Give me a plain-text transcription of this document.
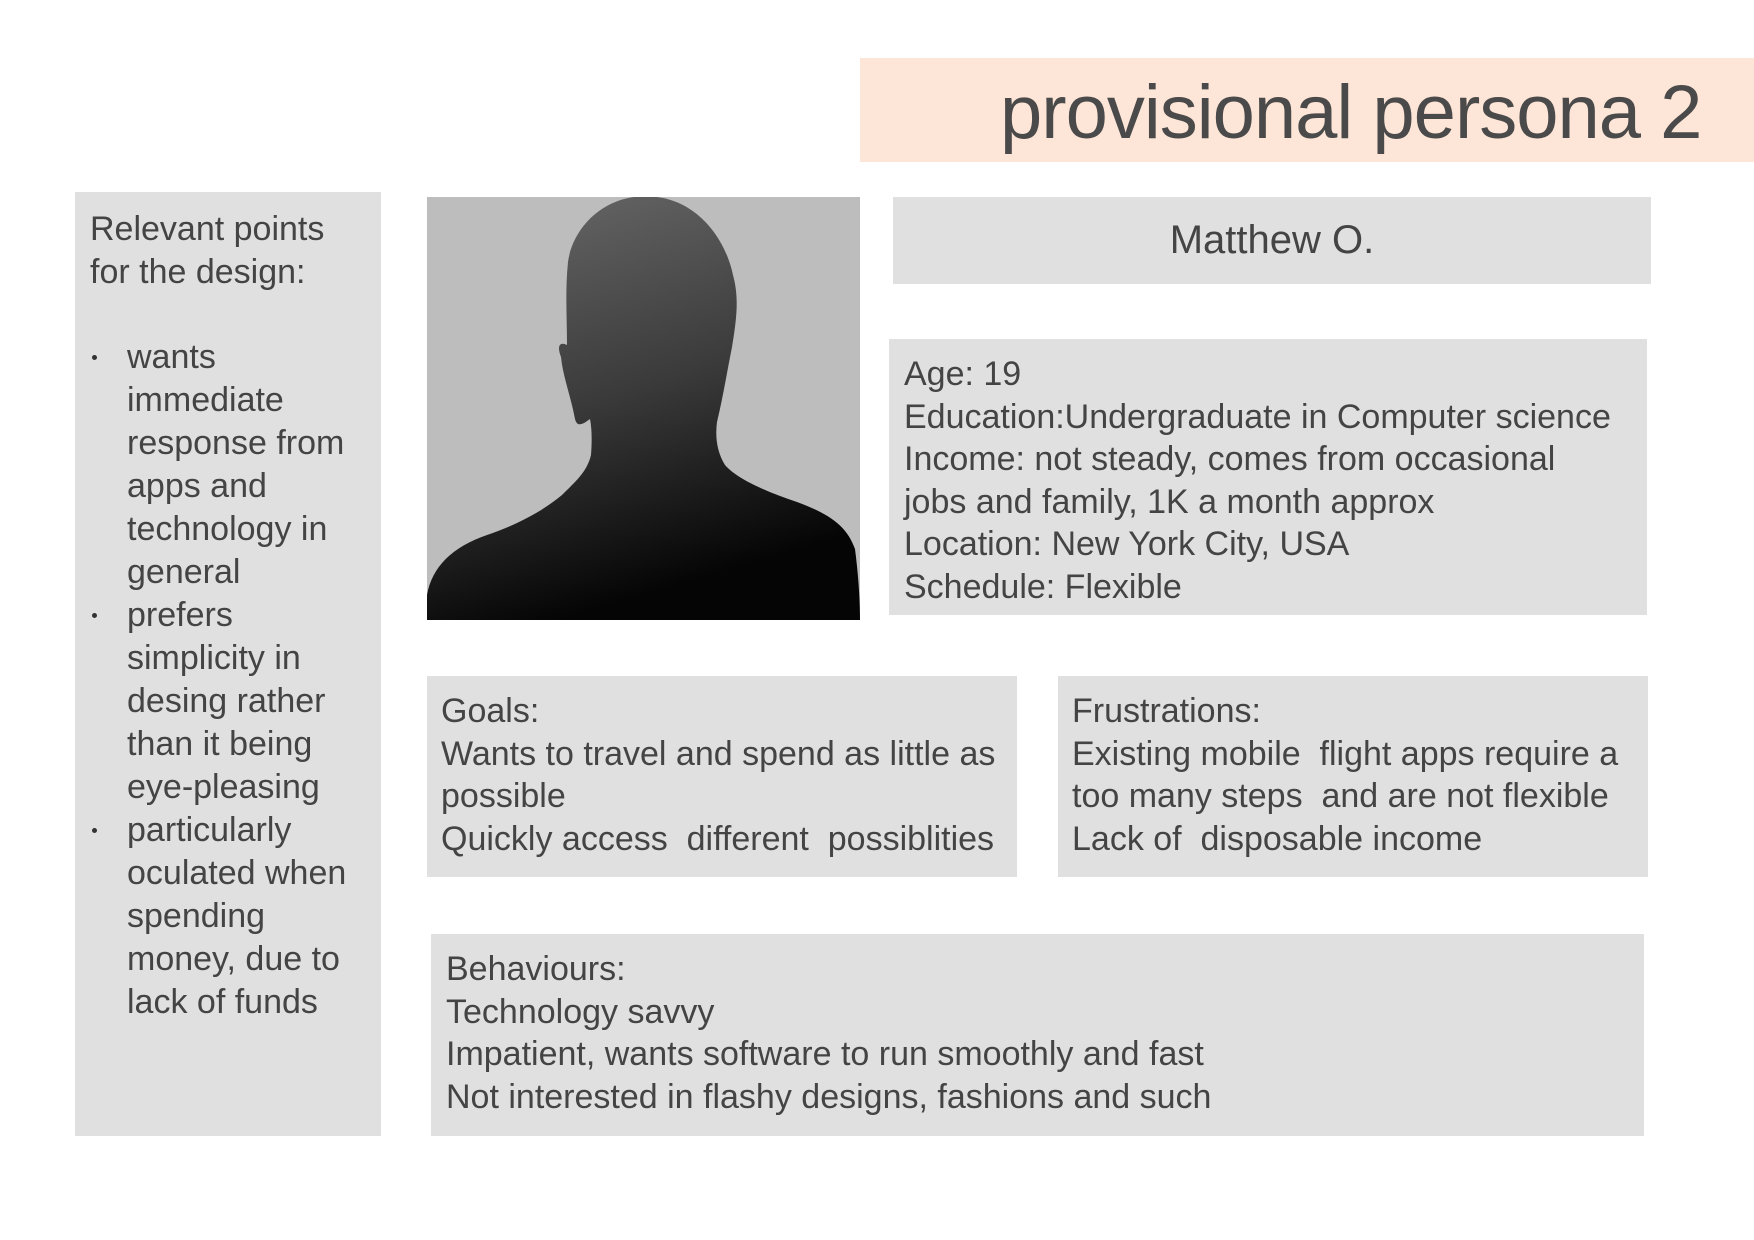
provisional persona 2
Relevant points
for the design:
wants immediate response from apps and technology in general
prefers simplicity in desing rather than it being eye-pleasing
particularly oculated when spending money, due to lack of funds
Matthew O.
Age: 19
Education:Undergraduate in Computer science
Income: not steady, comes from occasional
jobs and family, 1K a month approx
Location: New York City, USA
Schedule: Flexible
Goals:
Wants to travel and spend as little as
possible
Quickly access  different  possiblities
Frustrations:
Existing mobile  flight apps require a
too many steps  and are not flexible
Lack of  disposable income
Behaviours:
Technology savvy
Impatient, wants software to run smoothly and fast
Not interested in flashy designs, fashions and such
